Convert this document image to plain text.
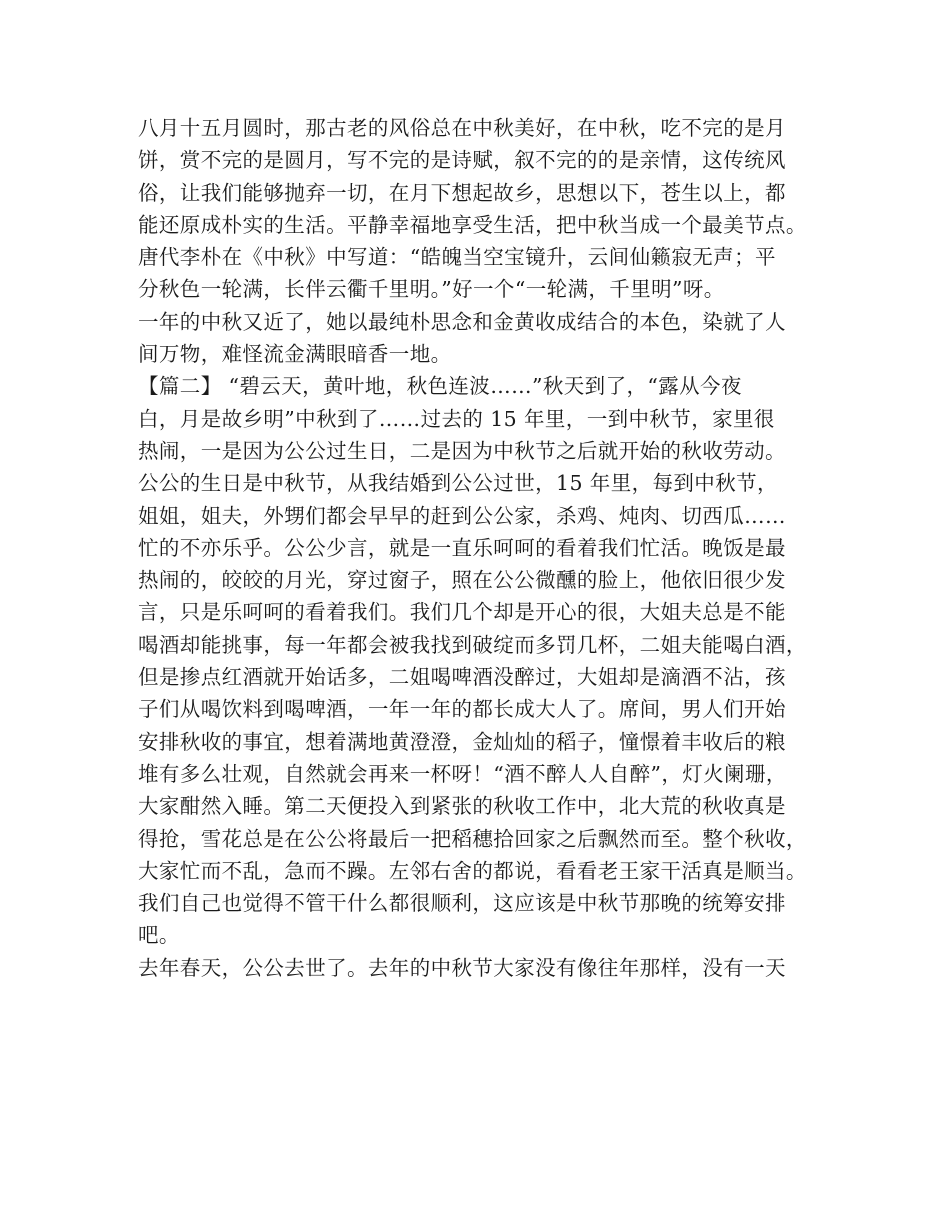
八月十五月圆时，那古老的风俗总在中秋美好，在中秋，吃不完的是月
饼，赏不完的是圆月，写不完的是诗赋，叙不完的的是亲情，这传统风
俗，让我们能够抛弃一切，在月下想起故乡，思想以下，苍生以上，都
能还原成朴实的生活。平静幸福地享受生活，把中秋当成一个最美节点。
唐代李朴在《中秋》中写道：“皓魄当空宝镜升，云间仙籁寂无声；平
分秋色一轮满，长伴云衢千里明。”好一个“一轮满，千里明”呀。
一年的中秋又近了，她以最纯朴思念和金黄收成结合的本色，染就了人
间万物，难怪流金满眼暗香一地。
【篇二】 “碧云天，黄叶地，秋色连波……”秋天到了，“露从今夜
白，月是故乡明”中秋到了……过去的 15 年里，一到中秋节，家里很
热闹，一是因为公公过生日，二是因为中秋节之后就开始的秋收劳动。
公公的生日是中秋节，从我结婚到公公过世，15 年里，每到中秋节，
姐姐，姐夫，外甥们都会早早的赶到公公家，杀鸡、炖肉、切西瓜……
忙的不亦乐乎。公公少言，就是一直乐呵呵的看着我们忙活。晚饭是最
热闹的，皎皎的月光，穿过窗子，照在公公微醺的脸上，他依旧很少发
言，只是乐呵呵的看着我们。我们几个却是开心的很，大姐夫总是不能
喝酒却能挑事，每一年都会被我找到破绽而多罚几杯，二姐夫能喝白酒，
但是掺点红酒就开始话多，二姐喝啤酒没醉过，大姐却是滴酒不沾，孩
子们从喝饮料到喝啤酒，一年一年的都长成大人了。席间，男人们开始
安排秋收的事宜，想着满地黄澄澄，金灿灿的稻子，憧憬着丰收后的粮
堆有多么壮观，自然就会再来一杯呀！“酒不醉人人自醉”，灯火阑珊，
大家酣然入睡。第二天便投入到紧张的秋收工作中，北大荒的秋收真是
得抢，雪花总是在公公将最后一把稻穗拾回家之后飘然而至。整个秋收，
大家忙而不乱，急而不躁。左邻右舍的都说，看看老王家干活真是顺当。
我们自己也觉得不管干什么都很顺利，这应该是中秋节那晚的统筹安排
吧。
去年春天，公公去世了。去年的中秋节大家没有像往年那样，没有一天
